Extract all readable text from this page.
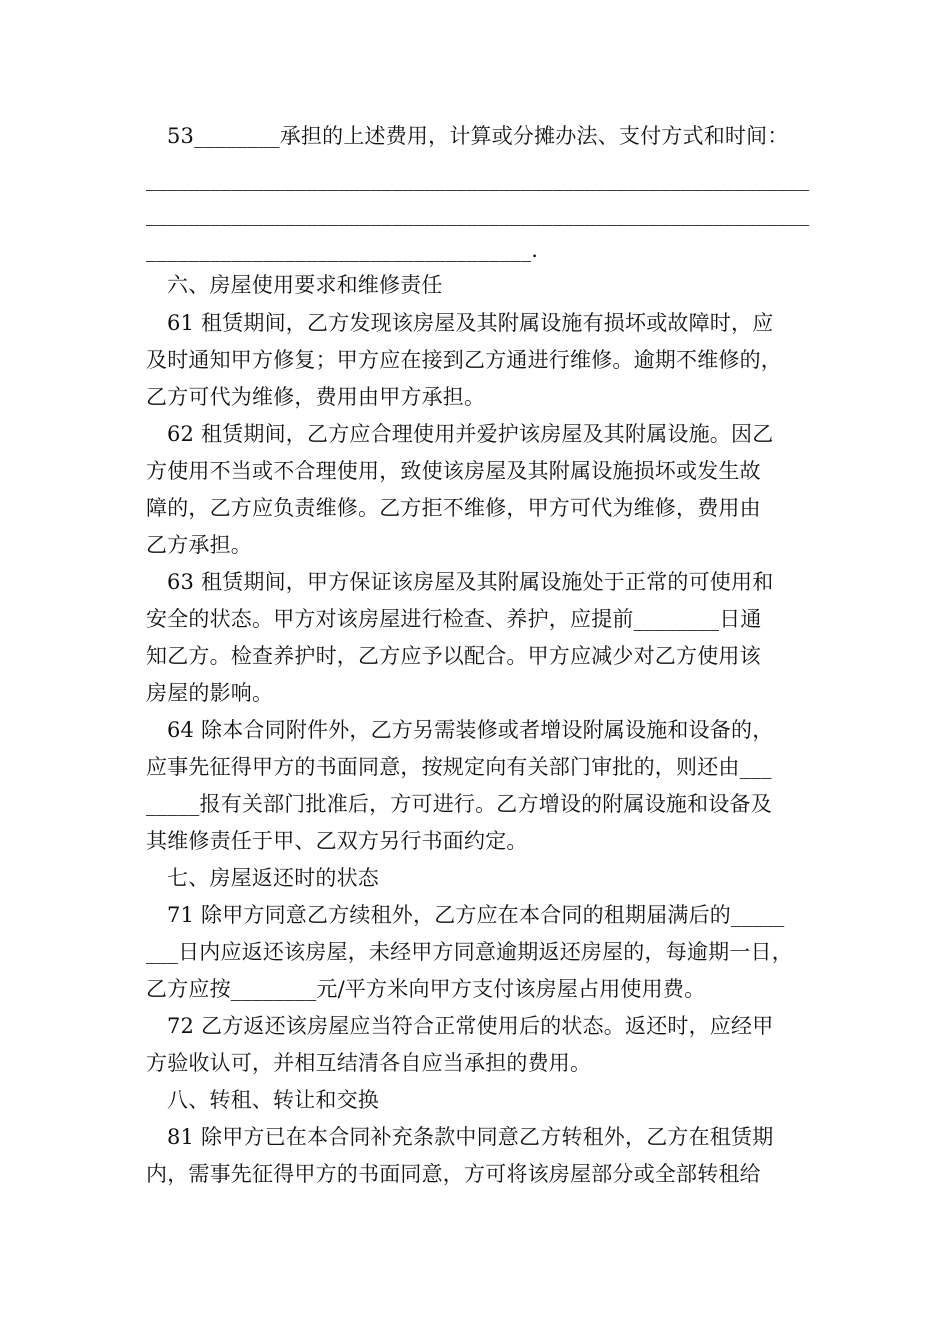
53________承担的上述费用，计算或分摊办法、支付方式和时间：
______________________________________________________________
______________________________________________________________
____________________________________.
六、房屋使用要求和维修责任
61 租赁期间，乙方发现该房屋及其附属设施有损坏或故障时，应
及时通知甲方修复；甲方应在接到乙方通进行维修。逾期不维修的，
乙方可代为维修，费用由甲方承担。
62 租赁期间，乙方应合理使用并爱护该房屋及其附属设施。因乙
方使用不当或不合理使用，致使该房屋及其附属设施损坏或发生故
障的，乙方应负责维修。乙方拒不维修，甲方可代为维修，费用由
乙方承担。
63 租赁期间，甲方保证该房屋及其附属设施处于正常的可使用和
安全的状态。甲方对该房屋进行检查、养护，应提前________日通
知乙方。检查养护时，乙方应予以配合。甲方应减少对乙方使用该
房屋的影响。
64 除本合同附件外，乙方另需装修或者增设附属设施和设备的，
应事先征得甲方的书面同意，按规定向有关部门审批的，则还由___
_____报有关部门批准后，方可进行。乙方增设的附属设施和设备及
其维修责任于甲、乙双方另行书面约定。
七、房屋返还时的状态
71 除甲方同意乙方续租外，乙方应在本合同的租期届满后的_____
___日内应返还该房屋，未经甲方同意逾期返还房屋的，每逾期一日，
乙方应按________元/平方米向甲方支付该房屋占用使用费。
72 乙方返还该房屋应当符合正常使用后的状态。返还时，应经甲
方验收认可，并相互结清各自应当承担的费用。
八、转租、转让和交换
81 除甲方已在本合同补充条款中同意乙方转租外，乙方在租赁期
内，需事先征得甲方的书面同意，方可将该房屋部分或全部转租给
